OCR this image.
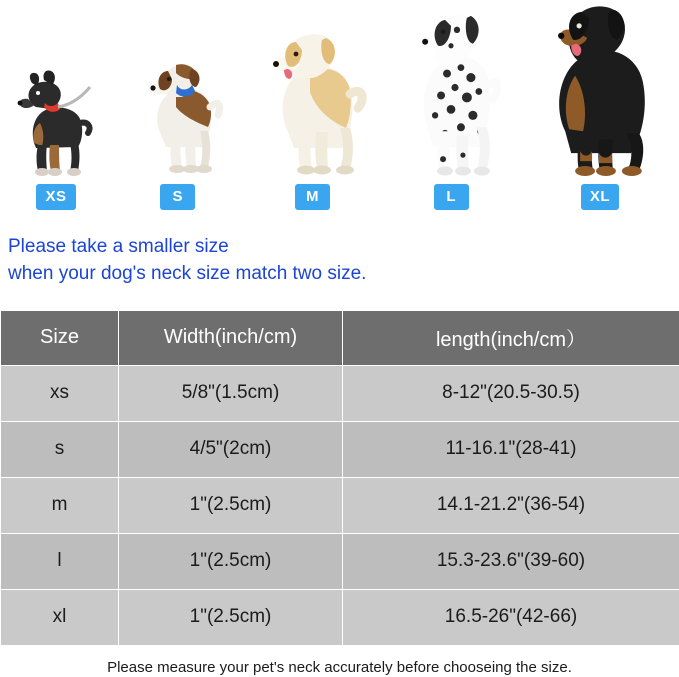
XS	S	M	L	XL
Please take a smaller size
when your dog's neck size match two size.
Size	Width(inch/cm)	length(inch/cm）
xs	5/8"(1.5cm)	8-12"(20.5-30.5)
s	4/5"(2cm)	11-16.1"(28-41)
m	1"(2.5cm)	14.1-21.2"(36-54)
l	1"(2.5cm)	15.3-23.6"(39-60)
xl	1"(2.5cm)	16.5-26"(42-66)
Please measure your pet's neck accurately before chooseing the size.
